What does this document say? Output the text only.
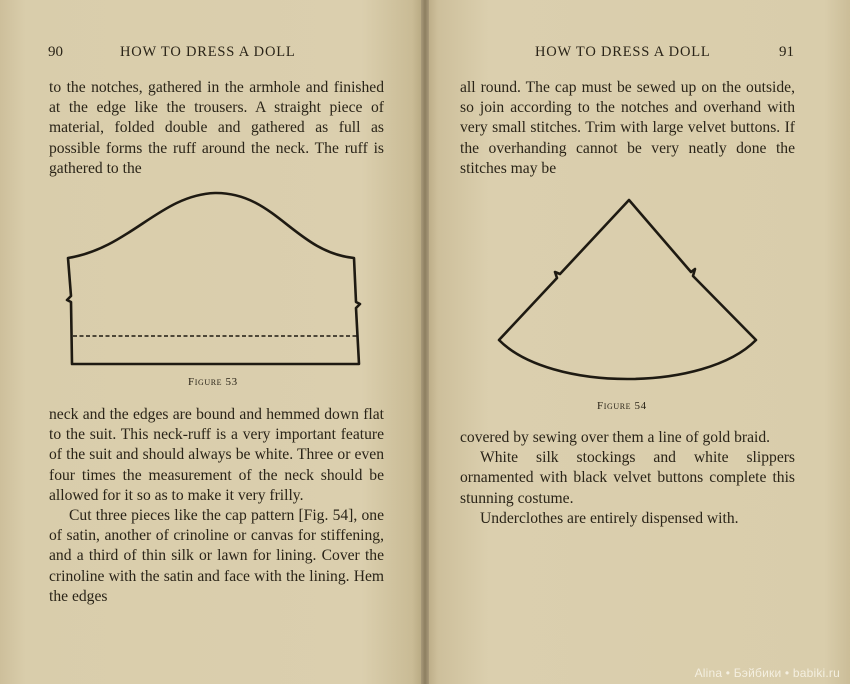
90	HOW TO DRESS A DOLL

to the notches, gathered in the armhole and finished at the edge like the trousers. A straight piece of material, folded double and gathered as full as possible forms the ruff around the neck. The ruff is gathered to the

Figure 53

neck and the edges are bound and hemmed down flat to the suit. This neck-ruff is a very important feature of the suit and should always be white. Three or even four times the measurement of the neck should be allowed for it so as to make it very frilly.

Cut three pieces like the cap pattern [Fig. 54], one of satin, another of crinoline or canvas for stiffening, and a third of thin silk or lawn for lining. Cover the crinoline with the satin and face with the lining. Hem the edges

HOW TO DRESS A DOLL	91

all round. The cap must be sewed up on the outside, so join according to the notches and overhand with very small stitches. Trim with large velvet buttons. If the overhanding cannot be very neatly done the stitches may be

Figure 54

covered by sewing over them a line of gold braid.

White silk stockings and white slippers ornamented with black velvet buttons complete this stunning costume.

Underclothes are entirely dispensed with.

Alina • Бэйбики • babiki.ru
